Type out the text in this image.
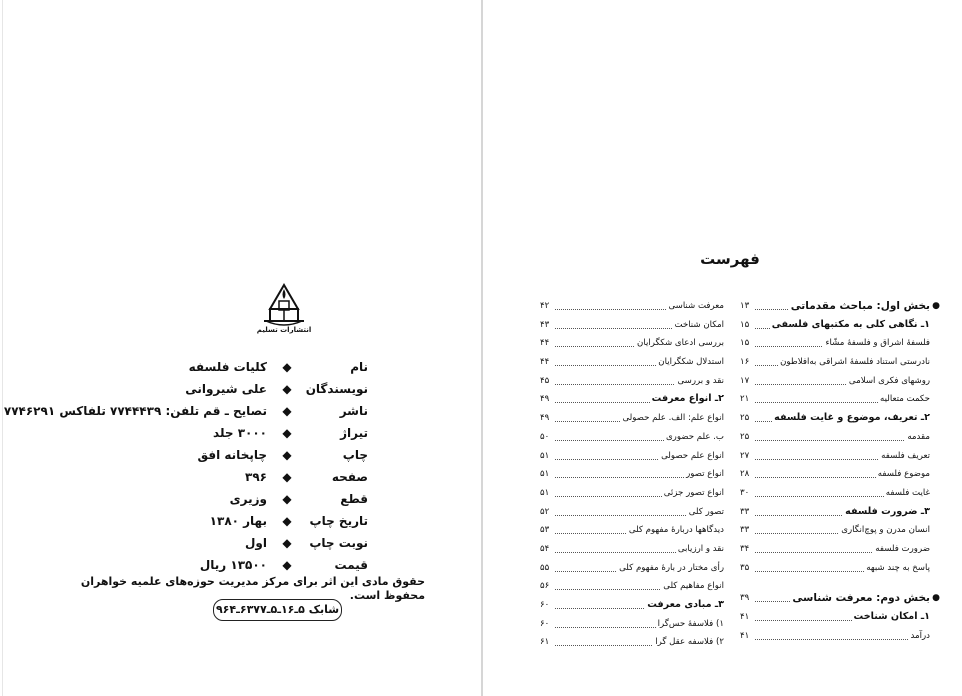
انتشارات تسلیم
نام
◆
کلیات فلسفه
نویسندگان
◆
علی شیروانی
ناشر
◆
تصایح ـ قم تلفن: ۷۷۴۴۴۳۹ تلفاکس ۷۷۴۶۲۹۱
تیراژ
◆
۳۰۰۰ جلد
چاپ
◆
چاپخانه افق
صفحه
◆
۳۹۶
قطع
◆
وزیری
تاریخ چاپ
◆
بهار ۱۳۸۰
نوبت چاپ
◆
اول
قیمت
◆
۱۳۵۰۰ ریال
حقوق مادی این اثر برای مرکز مدیریت حوزه‌های علمیه خواهران محفوظ است.
شابک ۵ـ۱۶ـ۵ـ۶۳۷۷ـ۹۶۴
فهرست
●
بخش اول: مباحث مقدماتی
۱۳
۱ـ نگاهی کلی به مکتبهای فلسفی
۱۵
فلسفهٔ اشراق و فلسفهٔ مشّاء
۱۵
نادرستی استناد فلسفهٔ اشراقی به‌افلاطون
۱۶
روشهای فکری اسلامی
۱۷
حکمت متعالیه
۲۱
۲ـ تعریف، موضوع و غایت فلسفه
۲۵
مقدمه
۲۵
تعریف فلسفه
۲۷
موضوع فلسفه
۲۸
غایت فلسفه
۳۰
۳ـ ضرورت فلسفه
۳۳
انسان مدرن و پوچ‌انگاری
۳۳
ضرورت فلسفه
۳۴
پاسخ به چند شبهه
۳۵
●
بخش دوم: معرفت شناسی
۳۹
۱ـ امکان شناخت
۴۱
درآمد
۴۱
معرفت شناسی
۴۲
امکان شناخت
۴۳
بررسی ادعای شکگرایان
۴۴
استدلال شکگرایان
۴۴
نقد و بررسی
۴۵
۲ـ انواع معرفت
۴۹
انواع علم: الف. علم حصولی
۴۹
ب. علم حضوری
۵۰
انواع علم حصولی
۵۱
انواع تصور
۵۱
انواع تصور جزئی
۵۱
تصور کلی
۵۲
دیدگاهها دربارهٔ مفهوم کلی
۵۳
نقد و ارزیابی
۵۴
رأی مختار در بارهٔ مفهوم کلی
۵۵
انواع مفاهیم کلی
۵۶
۳ـ مبادی معرفت
۶۰
۱) فلاسفهٔ حس‌گرا
۶۰
۲) فلاسفه عقل گرا
۶۱
